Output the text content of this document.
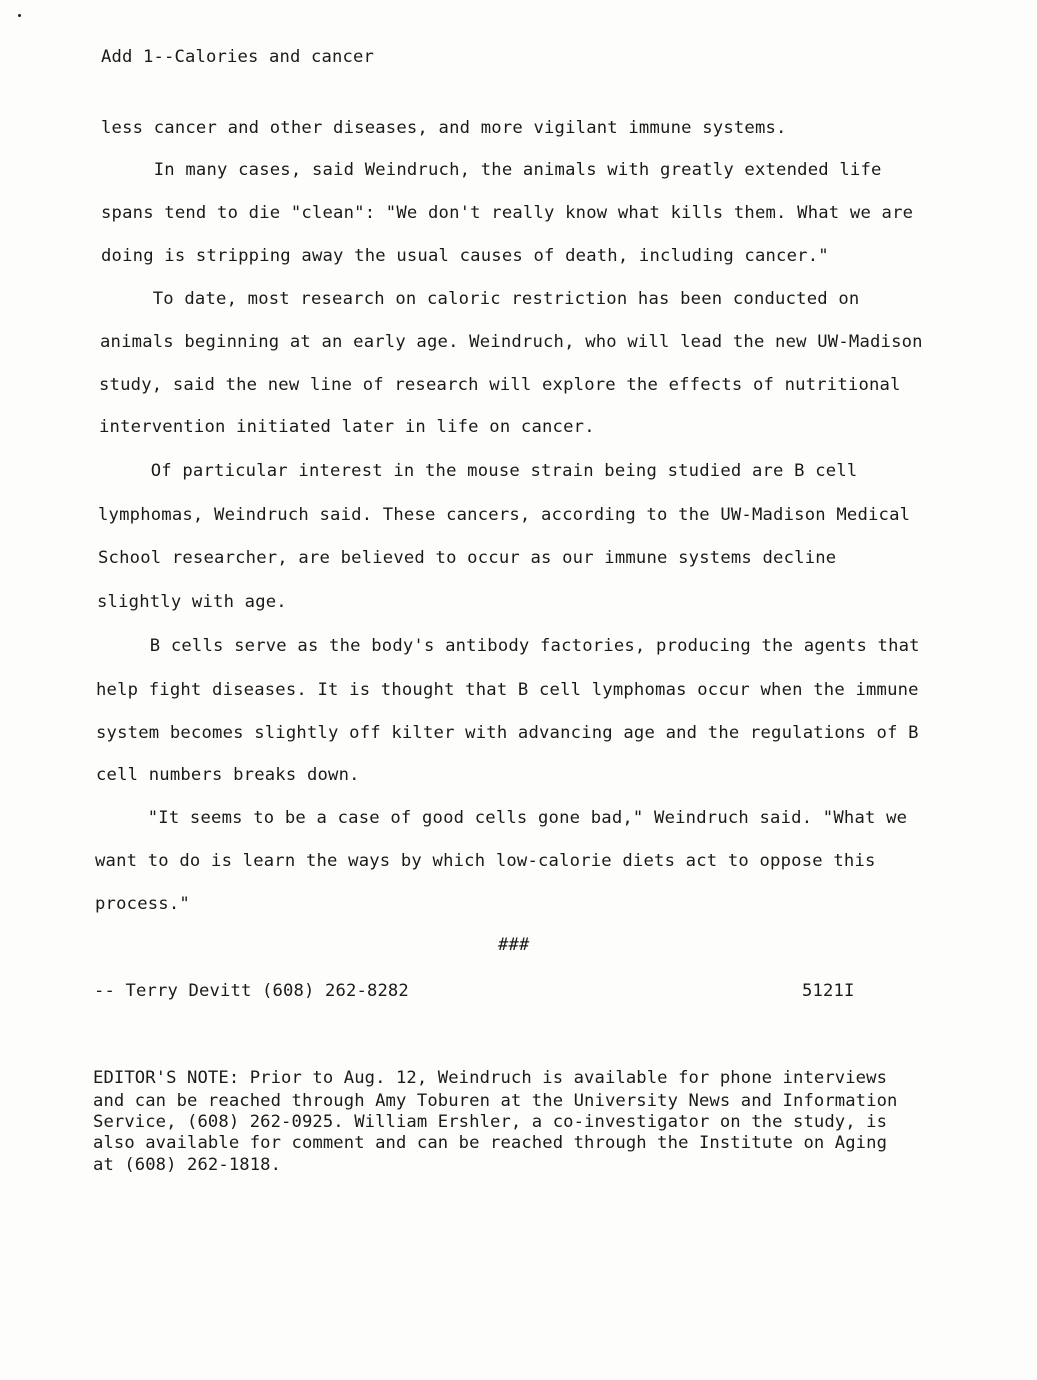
Add 1--Calories and cancer
less cancer and other diseases, and more vigilant immune systems.
In many cases, said Weindruch, the animals with greatly extended life
spans tend to die "clean": "We don't really know what kills them. What we are
doing is stripping away the usual causes of death, including cancer."
To date, most research on caloric restriction has been conducted on
animals beginning at an early age. Weindruch, who will lead the new UW-Madison
study, said the new line of research will explore the effects of nutritional
intervention initiated later in life on cancer.
Of particular interest in the mouse strain being studied are B cell
lymphomas, Weindruch said. These cancers, according to the UW-Madison Medical
School researcher, are believed to occur as our immune systems decline
slightly with age.
B cells serve as the body's antibody factories, producing the agents that
help fight diseases. It is thought that B cell lymphomas occur when the immune
system becomes slightly off kilter with advancing age and the regulations of B
cell numbers breaks down.
"It seems to be a case of good cells gone bad," Weindruch said. "What we
want to do is learn the ways by which low-calorie diets act to oppose this
process."
###
-- Terry Devitt (608) 262-8282	5121I
EDITOR'S NOTE: Prior to Aug. 12, Weindruch is available for phone interviews
and can be reached through Amy Toburen at the University News and Information
Service, (608) 262-0925. William Ershler, a co-investigator on the study, is
also available for comment and can be reached through the Institute on Aging
at (608) 262-1818.
